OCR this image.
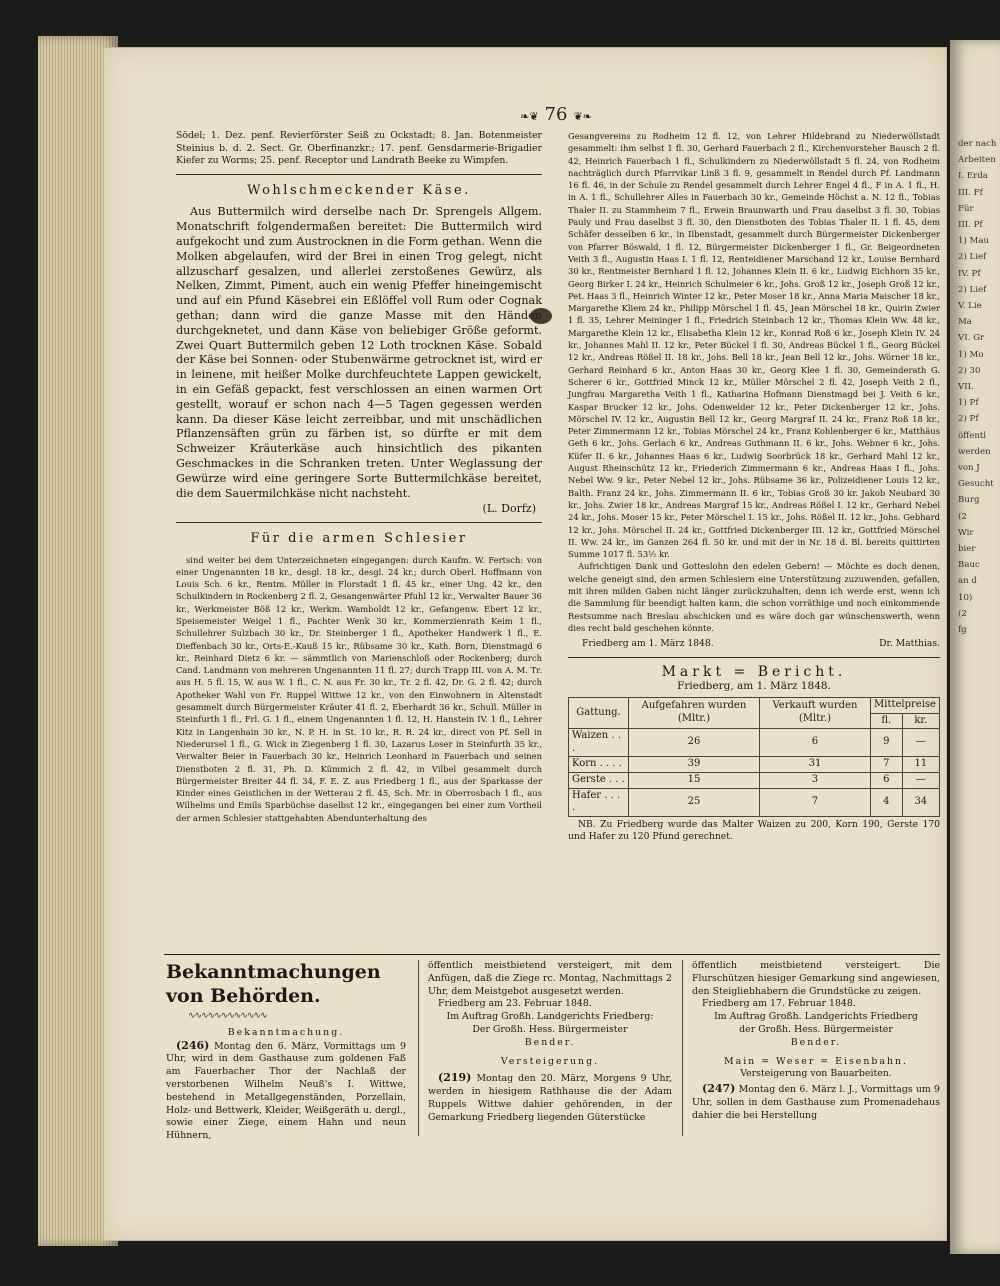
der nach
Arbeiten
I. Erda
III. Ff
Für
III. Pf
1) Mau
2) Lief
IV. Pf
2) Lief
V. Lie
Ma
VI. Gr
1) Mo
2) 30
VII.
1) Pf
2) Pf
öffentl
werden
von J
Gesucht
Burg
(2
Wir
bier
Bauc
an d
10)
(2
fg
❧❦ 76 ❦❧

Södel; 1. Dez. penf. Revierförster Seiß zu Ockstadt; 8. Jan. Botenmeister Steinius b. d. 2. Sect. Gr. Oberfinanzkr.; 17. penf. Gensdarmerie-Brigadier Kiefer zu Worms; 25. penf. Receptor und Landrath Beeke zu Wimpfen.

Wohlschmeckender Käse.

Aus Buttermilch wird derselbe nach Dr. Sprengels Allgem. Monatschrift folgendermaßen bereitet: Die Buttermilch wird aufgekocht und zum Austrocknen in die Form gethan. Wenn die Molken abgelaufen, wird der Brei in einen Trog gelegt, nicht allzuscharf gesalzen, und allerlei zerstoßenes Gewürz, als Nelken, Zimmt, Piment, auch ein wenig Pfeffer hineingemischt und auf ein Pfund Käsebrei ein Eßlöffel voll Rum oder Cognak gethan; dann wird die ganze Masse mit den Händen durchgeknetet, und dann Käse von beliebiger Größe geformt. Zwei Quart Buttermilch geben 12 Loth trocknen Käse. Sobald der Käse bei Sonnen- oder Stubenwärme getrocknet ist, wird er in leinene, mit heißer Molke durchfeuchtete Lappen gewickelt, in ein Gefäß gepackt, fest verschlossen an einen warmen Ort gestellt, worauf er schon nach 4—5 Tagen gegessen werden kann. Da dieser Käse leicht zerreibbar, und mit unschädlichen Pflanzensäften grün zu färben ist, so dürfte er mit dem Schweizer Kräuterkäse auch hinsichtlich des pikanten Geschmackes in die Schranken treten. Unter Weglassung der Gewürze wird eine geringere Sorte Buttermilchkäse bereitet, die dem Sauermilchkäse nicht nachsteht.

(L. Dorfz)
Für die armen Schlesier

sind weiter bei dem Unterzeichneten eingegangen: durch Kaufm. W. Fertsch: von einer Ungenannten 18 kr., desgl. 18 kr., desgl. 24 kr.; durch Oberl. Hoffmann von Louis Sch. 6 kr., Rentm. Müller in Florstadt 1 fl. 45 kr., einer Ung. 42 kr., den Schulkindern in Rockenberg 2 fl. 2, Gesangenwärter Pfuhl 12 kr., Verwalter Bauer 36 kr., Werkmeister Böß 12 kr., Werkm. Wamboldt 12 kr., Gefangenw. Ebert 12 kr., Speisemeister Weigel 1 fl., Pachter Wenk 30 kr., Kommerzienrath Keim 1 fl., Schullehrer Sulzbach 30 kr., Dr. Steinberger 1 fl., Apotheker Handwerk 1 fl., E. Dieffenbach 30 kr., Orts-E.-Kauß 15 kr., Rübsame 30 kr., Kath. Born, Dienstmagd 6 kr., Reinhard Dietz 6 kr. — sämmtlich von Marienschloß oder Rockenberg; durch Cand. Landmann von mehreren Ungenannten 11 fl. 27; durch Trapp III. von A. M. Tr. aus H. 5 fl. 15, W. aus W. 1 fl., C. N. aus Fr. 30 kr., Tr. 2 fl. 42, Dr. G. 2 fl. 42; durch Apotheker Wahl von Fr. Ruppel Wittwe 12 kr., von den Einwohnern in Altenstadt gesammelt durch Bürgermeister Kräuter 41 fl. 2, Eberhardt 36 kr., Schull. Müller in Steinfurth 1 fl., Frl. G. 1 fl., einem Ungenannten 1 fl. 12, H. Hanstein IV. 1 fl., Lehrer Kitz in Langenhain 30 kr., N. P. H. in St. 10 kr., R. R. 24 kr., direct von Pf. Sell in Niederursel 1 fl., G. Wick in Ziegenberg 1 fl. 30, Lazarus Loser in Steinfurth 35 kr., Verwalter Beier in Fauerbach 30 kr., Heinrich Leonhard in Fauerbach und seinen Dienstboten 2 fl. 31, Ph. D. Kümmich 2 fl. 42, in Vilbel gesammelt durch Bürgermeister Breiter 44 fl. 34, F. E. Z. aus Friedberg 1 fl., aus der Sparkasse der Kinder eines Geistlichen in der Wetterau 2 fl. 45, Sch. Mr. in Oberrosbach 1 fl., aus Wilhelms und Emils Sparbüchse daselbst 12 kr., eingegangen bei einer zum Vortheil der armen Schlesier stattgehabten Abendunterhaltung des

Gesangvereins zu Rodheim 12 fl. 12, von Lehrer Hildebrand zu Niederwöllstadt gesammelt: ihm selbst 1 fl. 30, Gerhard Fauerbach 2 fl., Kirchenvorsteher Bausch 2 fl. 42, Heinrich Fauerbach 1 fl., Schulkindern zu Niederwöllstadt 5 fl. 24, von Rodheim nachträglich durch Pfarrvikar Linß 3 fl. 9, gesammelt in Rendel durch Pf. Landmann 16 fl. 46, in der Schule zu Rendel gesammelt durch Lehrer Engel 4 fl., F in A. 1 fl., H. in A. 1 fl., Schullehrer Alles in Fauerbach 30 kr., Gemeinde Höchst a. N. 12 fl., Tobias Thaler II. zu Stammheim 7 fl., Erwein Braunwarth und Frau daselbst 3 fl. 30, Tobias Pauly und Frau daselbst 3 fl. 30, den Dienstboten des Tobias Thaler II. 1 fl. 45, dem Schäfer desselben 6 kr., in Ilbenstadt, gesammelt durch Bürgermeister Dickenberger von Pfarrer Böswald, 1 fl. 12, Bürgermeister Dickenberger 1 fl., Gr. Beigeordneten Veith 3 fl., Augustin Haas I. 1 fl. 12, Renteidiener Marschand 12 kr., Louise Bernhard 30 kr., Rentmeister Bernhard 1 fl. 12, Johannes Klein II. 6 kr., Ludwig Eichhorn 35 kr., Georg Birker I. 24 kr., Heinrich Schulmeier 6 kr., Johs. Groß 12 kr., Joseph Groß 12 kr., Pet. Haas 3 fl., Heinrich Winter 12 kr., Peter Moser 18 kr., Anna Maria Maischer 18 kr., Margarethe Kliem 24 kr., Philipp Mörschel 1 fl. 45, Jean Mörschel 18 kr., Quirin Zwier 1 fl. 35, Lehrer Meininger 1 fl., Friedrich Steinbach 12 kr., Thomas Klein Ww. 48 kr., Margarethe Klein 12 kr., Elisabetha Klein 12 kr., Konrad Roß 6 kr., Joseph Klein IV. 24 kr., Johannes Mahl II. 12 kr., Peter Bückel 1 fl. 30, Andreas Bückel 1 fl., Georg Bückel 12 kr., Andreas Rößel II. 18 kr., Johs. Bell 18 kr., Jean Bell 12 kr., Johs. Wörner 18 kr., Gerhard Reinhard 6 kr., Anton Haas 30 kr., Georg Klee 1 fl. 30, Gemeinderath G. Scherer 6 kr., Gottfried Minck 12 kr., Müller Mörschel 2 fl. 42, Joseph Veith 2 fl., Jungfrau Margaretha Veith 1 fl., Katharina Hofmann Dienstmagd bei J. Veith 6 kr., Kaspar Brucker 12 kr., Johs. Odenwelder 12 kr., Peter Dickenberger 12 kr., Johs. Mörschel IV. 12 kr., Augustin Bell 12 kr., Georg Margraf II. 24 kr., Franz Roß 18 kr., Peter Zimmermann 12 kr., Tobias Mörschel 24 kr., Franz Kohlenberger 6 kr., Matthäus Geth 6 kr., Johs. Gerlach 6 kr., Andreas Guthmann II. 6 kr., Johs. Webner 6 kr., Johs. Küfer II. 6 kr., Johannes Haas 6 kr., Ludwig Soorbrück 18 kr., Gerhard Mahl 12 kr., August Rheinschütz 12 kr., Friederich Zimmermann 6 kr., Andreas Haas I fl., Johs. Nebel Ww. 9 kr., Peter Nebel 12 kr., Johs. Rübsame 36 kr., Polizeidiener Louis 12 kr., Balth. Franz 24 kr., Johs. Zimmermann II. 6 kr., Tobias Groß 30 kr. Jakob Neubard 30 kr., Johs. Zwier 18 kr., Andreas Margraf 15 kr., Andreas Rößel I. 12 kr., Gerhard Nebel 24 kr., Johs. Moser 15 kr., Peter Mörschel I. 15 kr., Johs. Rößel II. 12 kr., Johs. Gebhard 12 kr., Johs. Mörschel II. 24 kr., Gottfried Dickenberger III. 12 kr., Gottfried Mörschel II. Ww. 24 kr., im Ganzen 264 fl. 50 kr. und mit der in Nr. 18 d. Bl. bereits quittirten Summe 1017 fl. 53½ kr.

Aufrichtigen Dank und Gotteslohn den edelen Gebern! — Möchte es doch denen, welche geneigt sind, den armen Schlesiern eine Unterstützung zuzuwenden, gefallen, mit ihren milden Gaben nicht länger zurückzuhalten, denn ich werde erst, wenn ich die Sammlung für beendigt halten kann, die schon vorräthige und noch einkommende Restsumme nach Breslau abschicken und es wäre doch gar wünschenswerth, wenn dies recht bald geschehen könnte.

Friedberg am 1. März 1848.	Dr. Matthias.
Markt = Bericht.
Friedberg, am 1. März 1848.
Gattung.	Aufgefahren wurden (Mltr.)	Verkauft wurden (Mltr.)	Mittelpreise	
			fl.	kr.
Waizen . . .	26	6	9	—
Korn . . . .	39	31	7	11
Gerste . . .	15	3	6	—
Hafer . . . .	25	7	4	34

NB. Zu Friedberg wurde das Malter Waizen zu 200, Korn 190, Gerste 170 und Hafer zu 120 Pfund gerechnet.

Bekanntmachungen von Behörden.
∿∿∿∿∿∿∿∿∿∿∿∿
Bekanntmachung.

(246) Montag den 6. März, Vormittags um 9 Uhr, wird in dem Gasthause zum goldenen Faß am Fauerbacher Thor der Nachlaß der verstorbenen Wilhelm Neuß's I. Wittwe, bestehend in Metallgegenständen, Porzellain, Holz- und Bettwerk, Kleider, Weißgeräth u. dergl., sowie einer Ziege, einem Hahn und neun Hühnern,

öffentlich meistbietend versteigert, mit dem Anfügen, daß die Ziege rc. Montag, Nachmittags 2 Uhr, dem Meistgebot ausgesetzt werden.

Friedberg am 23. Februar 1848.
Im Auftrag Großh. Landgerichts Friedberg:
Der Großh. Hess. Bürgermeister
Bender.
Versteigerung.

(219) Montag den 20. März, Morgens 9 Uhr, werden in hiesigem Rathhause die der Adam Ruppels Wittwe dahier gehörenden, in der Gemarkung Friedberg liegenden Güterstücke

öffentlich meistbietend versteigert. Die Flurschützen hiesiger Gemarkung sind angewiesen, den Steigliebhabern die Grundstücke zu zeigen.

Friedberg am 17. Februar 1848.
Im Auftrag Großh. Landgerichts Friedberg
der Großh. Hess. Bürgermeister
Bender.
Main = Weser = Eisenbahn.
Versteigerung von Bauarbeiten.

(247) Montag den 6. März l. J., Vormittags um 9 Uhr, sollen in dem Gasthause zum Promenadehaus dahier die bei Herstellung
